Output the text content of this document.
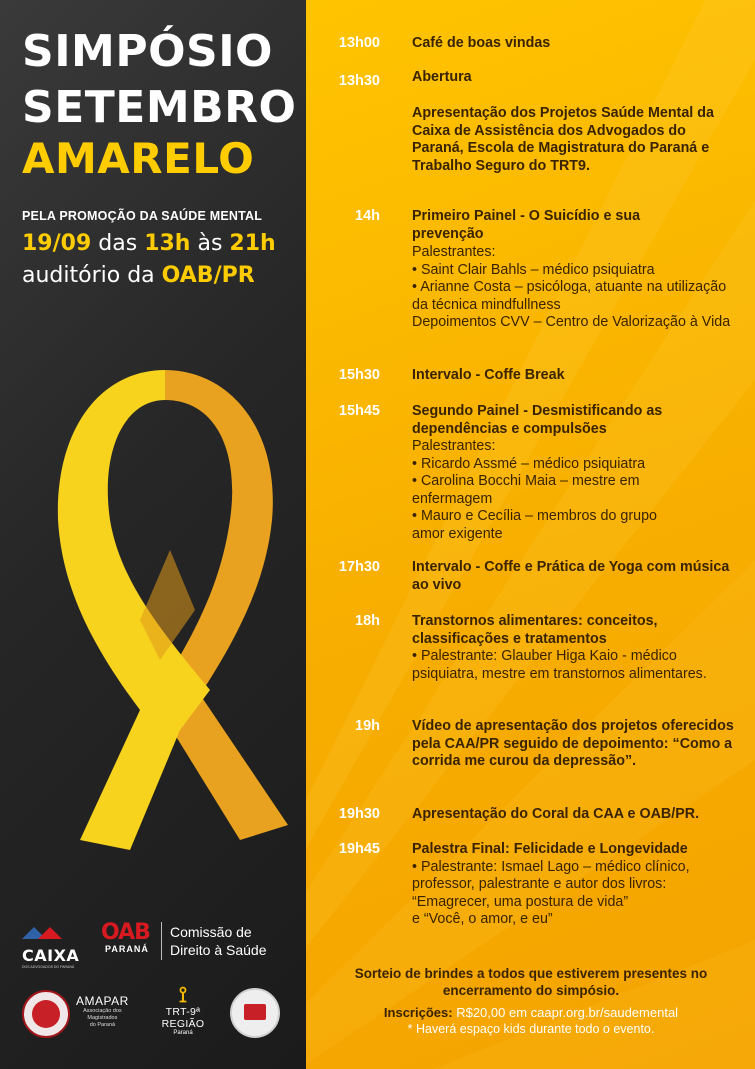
SIMPÓSIO
SETEMBRO
AMARELO
PELA PROMOÇÃO DA SAÚDE MENTAL
19/09 das 13h às 21h
auditório da OAB/PR
CAIXA
DOS ADVOGADOS DO PARANÁ
OAB
PARANÁ
Comissão de
Direito à Saúde
AMAPAR
Associação dos
Magistrados
do Paraná
⟟
TRT-9ª REGIÃO
Paraná
13h00 Café de boas vindas
13h30 Abertura
Apresentação dos Projetos Saúde Mental da Caixa de Assistência dos Advogados do Paraná, Escola de Magistratura do Paraná e Trabalho Seguro do TRT9.
14h Primeiro Painel - O Suicídio e sua prevenção
Palestrantes:
• Saint Clair Bahls – médico psiquiatra
• Arianne Costa – psicóloga, atuante na utilização da técnica mindfullness
Depoimentos CVV – Centro de Valorização à Vida
15h30 Intervalo - Coffe Break
15h45 Segundo Painel - Desmistificando as dependências e compulsões
Palestrantes:
• Ricardo Assmé – médico psiquiatra
• Carolina Bocchi Maia – mestre em enfermagem
• Mauro e Cecília – membros do grupo amor exigente
17h30 Intervalo - Coffe e Prática de Yoga com música ao vivo
18h Transtornos alimentares: conceitos, classificações e tratamentos
• Palestrante: Glauber Higa Kaio - médico psiquiatra, mestre em transtornos alimentares.
19h Vídeo de apresentação dos projetos oferecidos pela CAA/PR seguido de depoimento: “Como a corrida me curou da depressão”.
19h30 Apresentação do Coral da CAA e OAB/PR.
19h45 Palestra Final: Felicidade e Longevidade
• Palestrante: Ismael Lago – médico clínico, professor, palestrante e autor dos livros:
“Emagrecer, uma postura de vida”
e “Você, o amor, e eu”
Sorteio de brindes a todos que estiverem presentes no encerramento do simpósio.
Inscrições: R$20,00 em caapr.org.br/saudemental
* Haverá espaço kids durante todo o evento.
